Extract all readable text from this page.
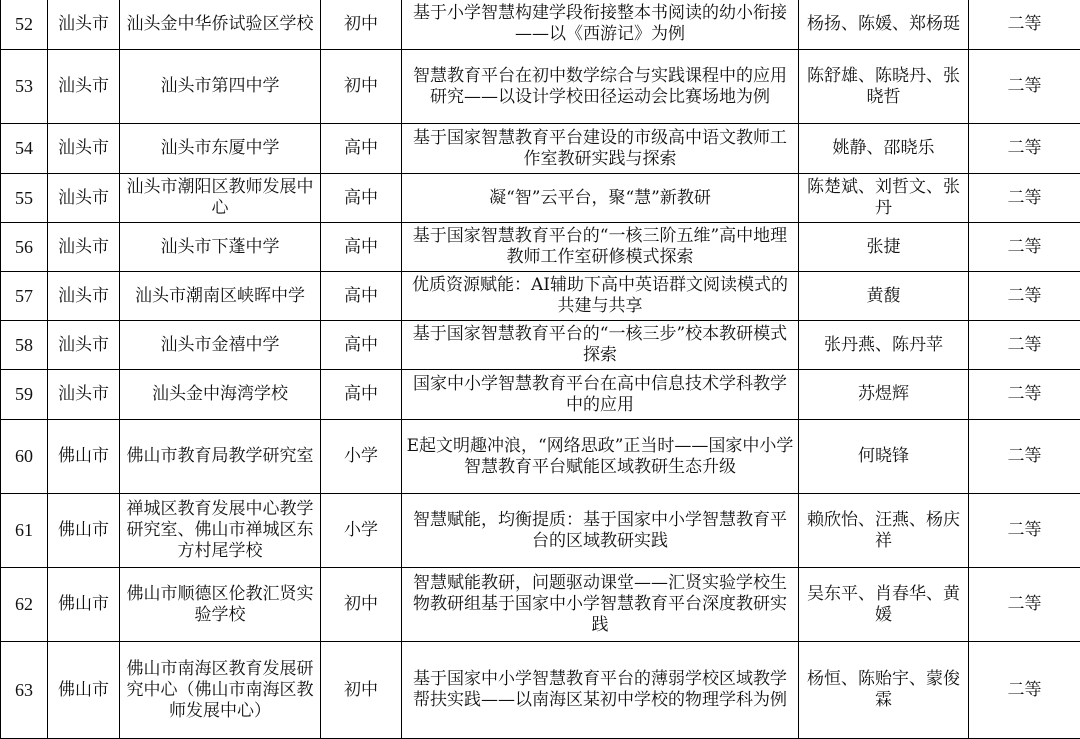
52	汕头市	汕头金中华侨试验区学校	初中	基于小学智慧构建学段衔接整本书阅读的幼小衔接——以《西游记》为例	杨扬、陈媛、郑杨珽	二等
53	汕头市	汕头市第四中学	初中	智慧教育平台在初中数学综合与实践课程中的应用研究——以设计学校田径运动会比赛场地为例	陈舒雄、陈晓丹、张晓哲	二等
54	汕头市	汕头市东厦中学	高中	基于国家智慧教育平台建设的市级高中语文教师工作室教研实践与探索	姚静、邵晓乐	二等
55	汕头市	汕头市潮阳区教师发展中心	高中	凝“智”云平台，聚“慧”新教研	陈楚斌、刘哲文、张丹	二等
56	汕头市	汕头市下蓬中学	高中	基于国家智慧教育平台的“一核三阶五维”高中地理教师工作室研修模式探索	张捷	二等
57	汕头市	汕头市潮南区峡晖中学	高中	优质资源赋能：AI辅助下高中英语群文阅读模式的共建与共享	黄馥	二等
58	汕头市	汕头市金禧中学	高中	基于国家智慧教育平台的“一核三步”校本教研模式探索	张丹燕、陈丹苹	二等
59	汕头市	汕头金中海湾学校	高中	国家中小学智慧教育平台在高中信息技术学科教学中的应用	苏煜辉	二等
60	佛山市	佛山市教育局教学研究室	小学	E起文明趣冲浪，“网络思政”正当时——国家中小学智慧教育平台赋能区域教研生态升级	何晓锋	二等
61	佛山市	禅城区教育发展中心教学研究室、佛山市禅城区东方村尾学校	小学	智慧赋能，均衡提质：基于国家中小学智慧教育平台的区域教研实践	赖欣怡、汪燕、杨庆祥	二等
62	佛山市	佛山市顺德区伦教汇贤实验学校	初中	智慧赋能教研，问题驱动课堂——汇贤实验学校生物教研组基于国家中小学智慧教育平台深度教研实践	吴东平、肖春华、黄媛	二等
63	佛山市	佛山市南海区教育发展研究中心（佛山市南海区教师发展中心）	初中	基于国家中小学智慧教育平台的薄弱学校区域教学帮扶实践——以南海区某初中学校的物理学科为例	杨恒、陈贻宇、蒙俊霖	二等
